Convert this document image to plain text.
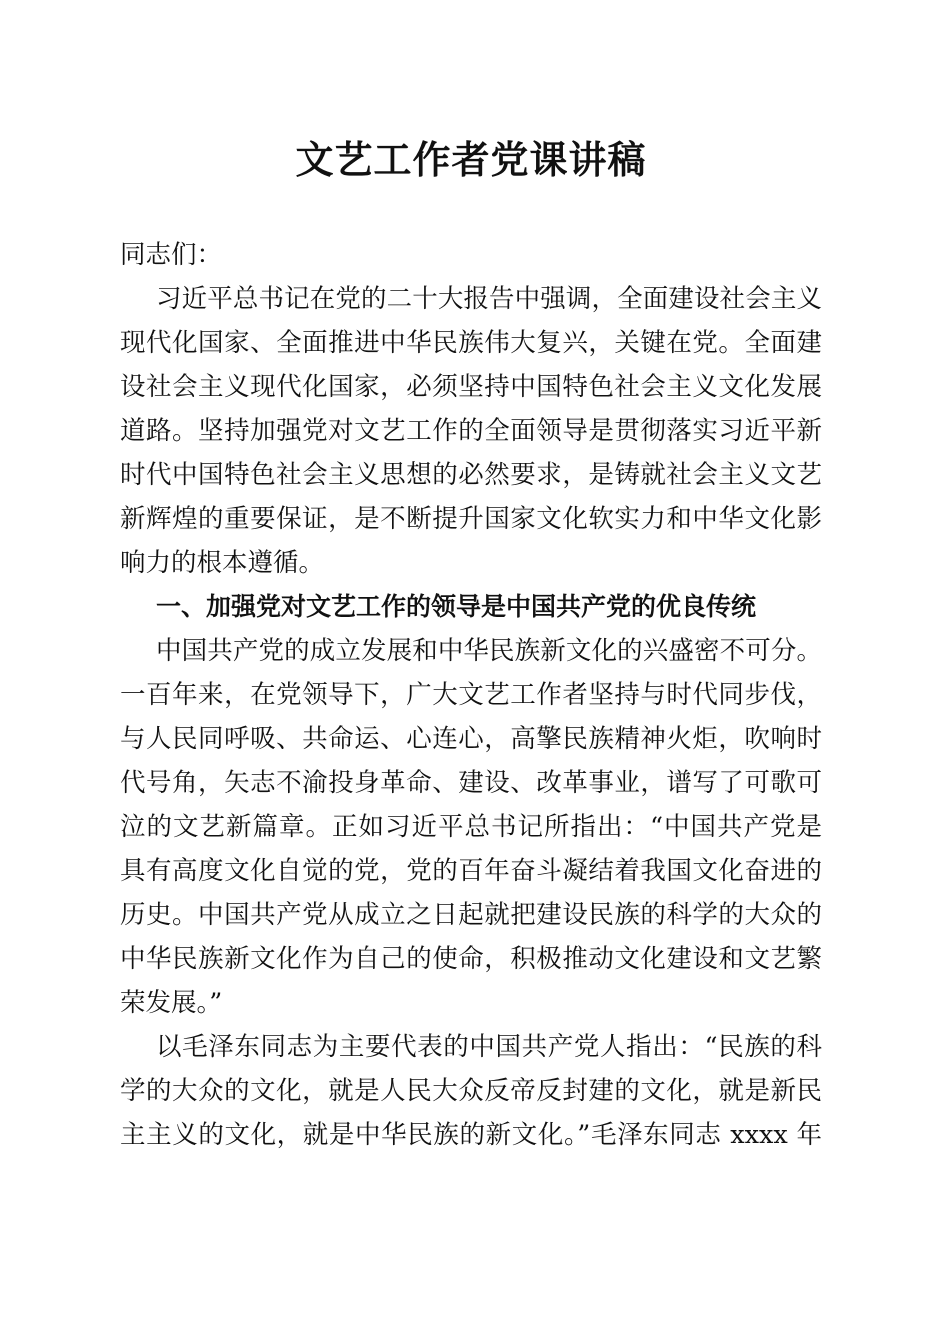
文艺工作者党课讲稿
同志们：
习近平总书记在党的二十大报告中强调，全面建设社会主义
现代化国家、全面推进中华民族伟大复兴，关键在党。全面建
设社会主义现代化国家，必须坚持中国特色社会主义文化发展
道路。坚持加强党对文艺工作的全面领导是贯彻落实习近平新
时代中国特色社会主义思想的必然要求，是铸就社会主义文艺
新辉煌的重要保证，是不断提升国家文化软实力和中华文化影
响力的根本遵循。
一、加强党对文艺工作的领导是中国共产党的优良传统
中国共产党的成立发展和中华民族新文化的兴盛密不可分。
一百年来，在党领导下，广大文艺工作者坚持与时代同步伐，
与人民同呼吸、共命运、心连心，高擎民族精神火炬，吹响时
代号角，矢志不渝投身革命、建设、改革事业，谱写了可歌可
泣的文艺新篇章。正如习近平总书记所指出：“中国共产党是
具有高度文化自觉的党，党的百年奋斗凝结着我国文化奋进的
历史。中国共产党从成立之日起就把建设民族的科学的大众的
中华民族新文化作为自己的使命，积极推动文化建设和文艺繁
荣发展。”
以毛泽东同志为主要代表的中国共产党人指出：“民族的科
学的大众的文化，就是人民大众反帝反封建的文化，就是新民
主主义的文化，就是中华民族的新文化。”毛泽东同志 xxxx 年
